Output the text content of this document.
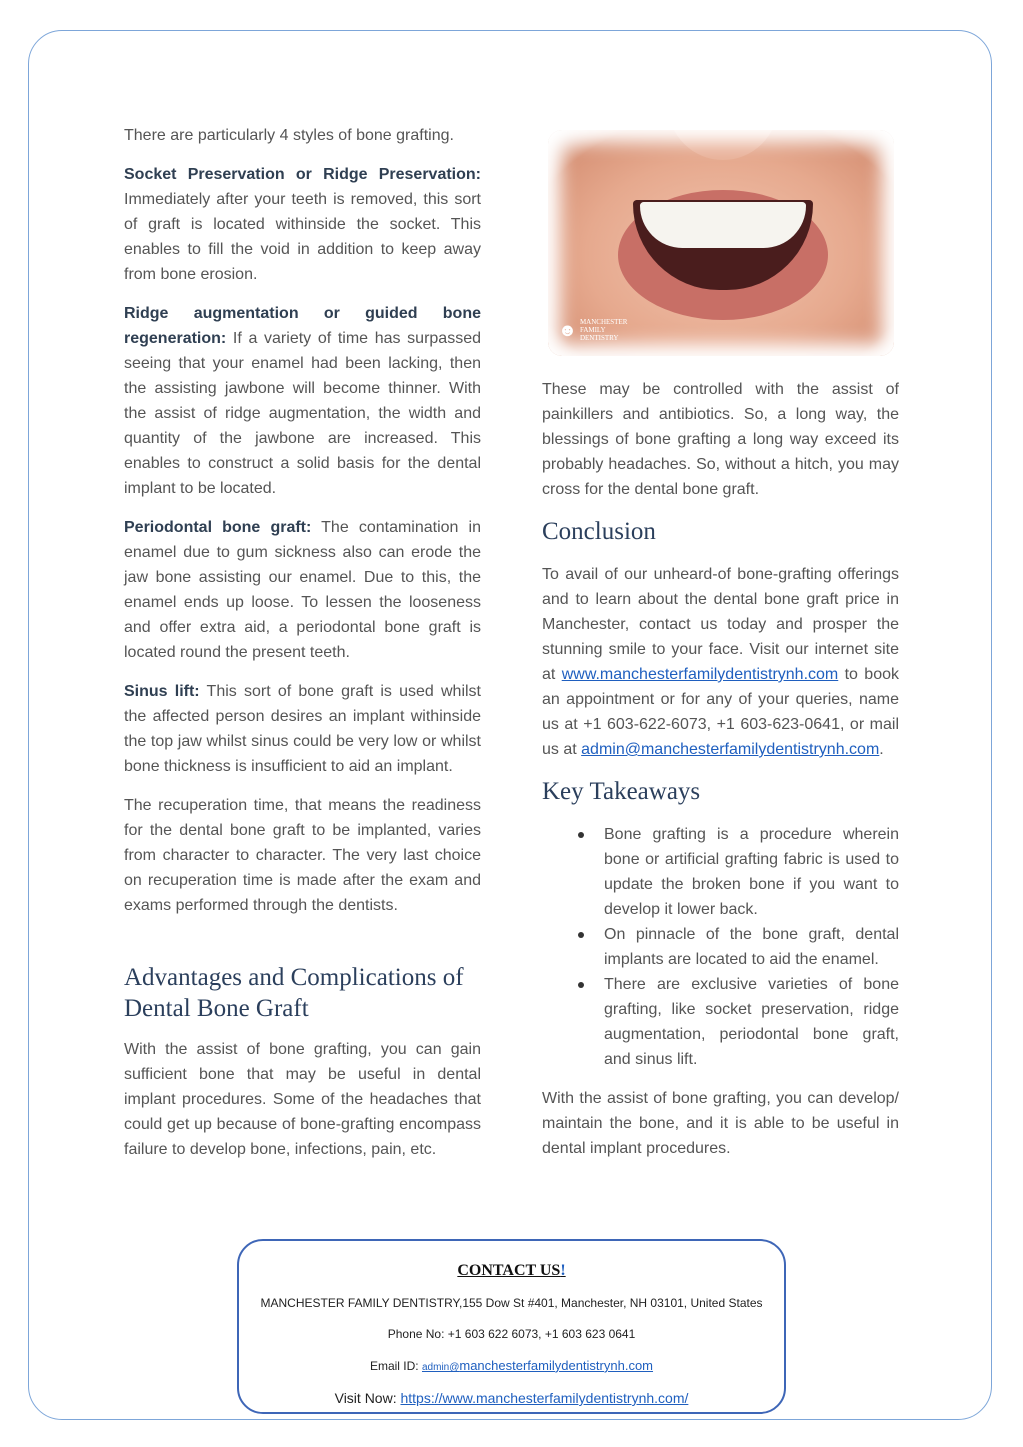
There are particularly 4 styles of bone grafting.

Socket Preservation or Ridge Preservation: Immediately after your teeth is removed, this sort of graft is located withinside the socket. This enables to fill the void in addition to keep away from bone erosion.

Ridge augmentation or guided bone regeneration: If a variety of time has surpassed seeing that your enamel had been lacking, then the assisting jawbone will become thinner. With the assist of ridge augmentation, the width and quantity of the jawbone are increased. This enables to construct a solid basis for the dental implant to be located.

Periodontal bone graft: The contamination in enamel due to gum sickness also can erode the jaw bone assisting our enamel. Due to this, the enamel ends up loose. To lessen the looseness and offer extra aid, a periodontal bone graft is located round the present teeth.

Sinus lift: This sort of bone graft is used whilst the affected person desires an implant withinside the top jaw whilst sinus could be very low or whilst bone thickness is insufficient to aid an implant.

The recuperation time, that means the readiness for the dental bone graft to be implanted, varies from character to character. The very last choice on recuperation time is made after the exam and exams performed through the dentists.

Advantages and Complications of Dental Bone Graft

With the assist of bone grafting, you can gain sufficient bone that may be useful in dental implant procedures. Some of the headaches that could get up because of bone-grafting encompass failure to develop bone, infections, pain, etc.

☻ MANCHESTER
FAMILY
DENTISTRY

These may be controlled with the assist of painkillers and antibiotics. So, a long way, the blessings of bone grafting a long way exceed its probably headaches. So, without a hitch, you may cross for the dental bone graft.

Conclusion

To avail of our unheard-of bone-grafting offerings and to learn about the dental bone graft price in Manchester, contact us today and prosper the stunning smile to your face. Visit our internet site at www.manchesterfamilydentistrynh.com to book an appointment or for any of your queries, name us at +1 603-622-6073, +1 603-623-0641, or mail us at admin@manchesterfamilydentistrynh.com.

Key Takeaways
Bone grafting is a procedure wherein bone or artificial grafting fabric is used to update the broken bone if you want to develop it lower back.
On pinnacle of the bone graft, dental implants are located to aid the enamel.
There are exclusive varieties of bone grafting, like socket preservation, ridge augmentation, periodontal bone graft, and sinus lift.

With the assist of bone grafting, you can develop/ maintain the bone, and it is able to be useful in dental implant procedures.

CONTACT US!
MANCHESTER FAMILY DENTISTRY,155 Dow St #401, Manchester, NH 03101, United States
Phone No: +1 603 622 6073, +1 603 623 0641
Email ID: admin@manchesterfamilydentistrynh.com
Visit Now: https://www.manchesterfamilydentistrynh.com/
